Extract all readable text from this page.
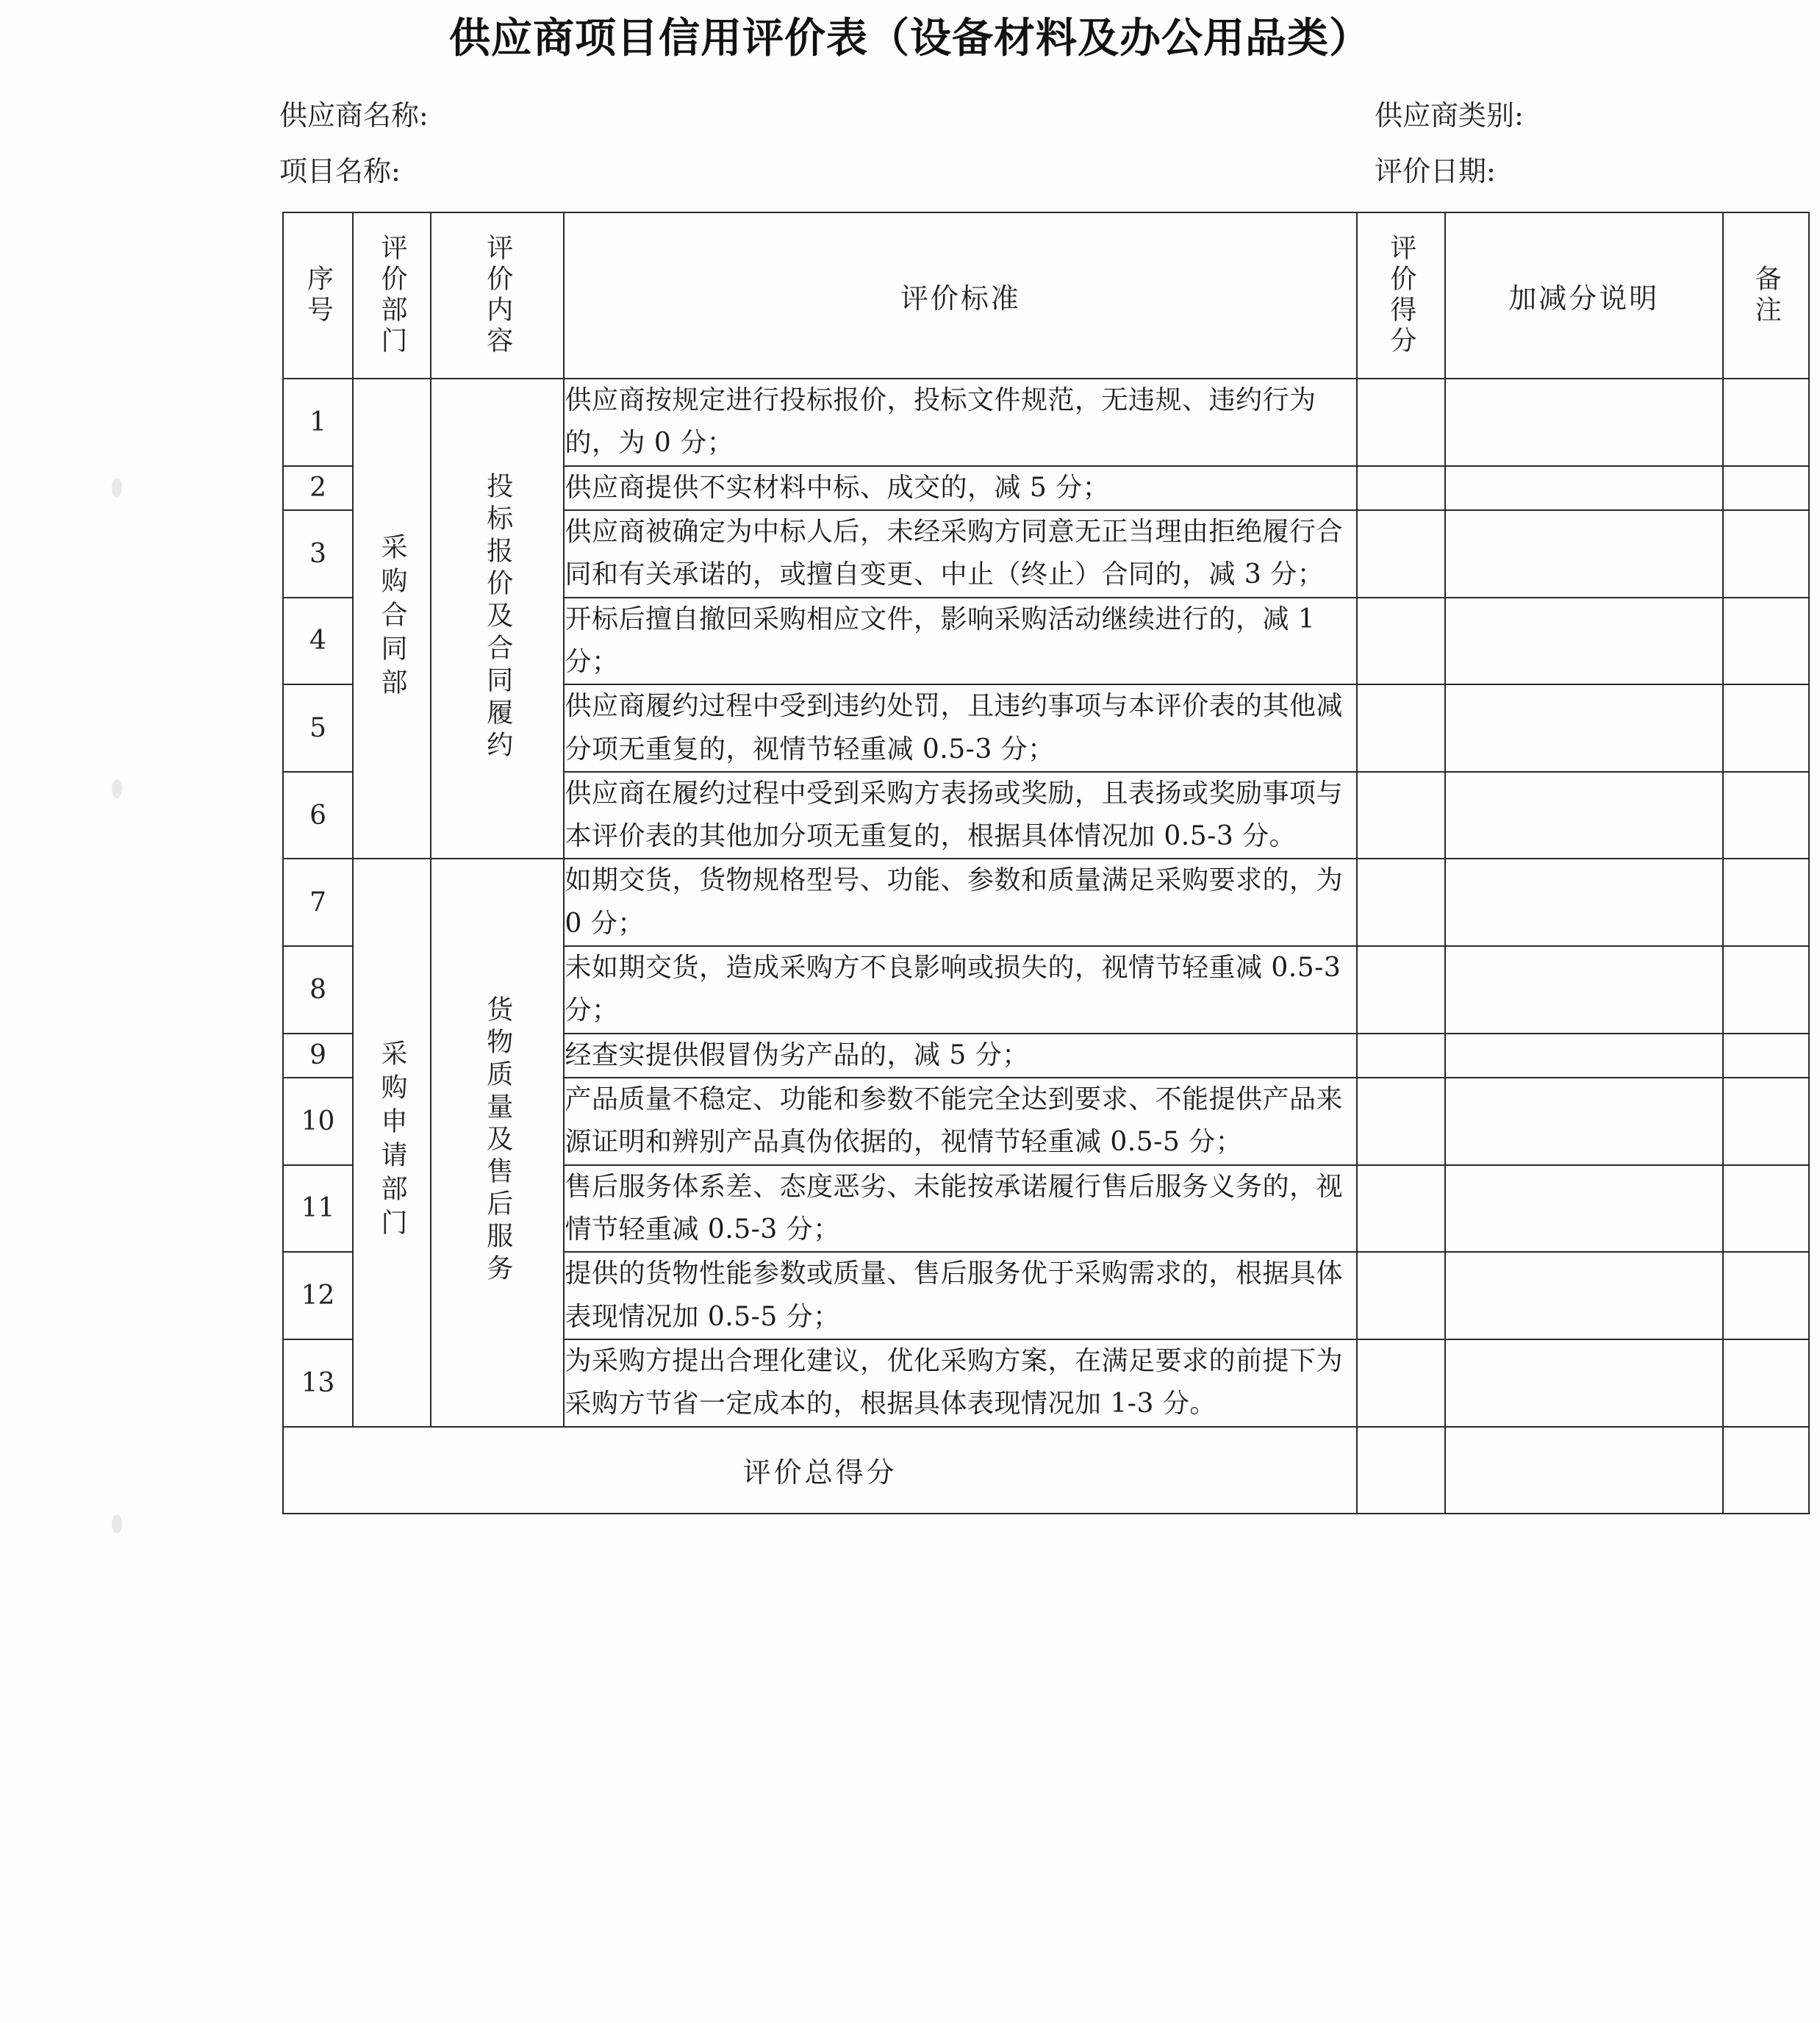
供应商项目信用评价表（设备材料及办公用品类）
供应商名称:	供应商类别:
项目名称:	评价日期:
序号	评价部门	评价内容	评价标准	评价得分	加减分说明	备注

1	采购合同部	投标报价及合同履约	供应商按规定进行投标报价，投标文件规范，无违规、违约行为的，为 0 分；			
2			供应商提供不实材料中标、成交的，减 5 分；			
3			供应商被确定为中标人后，未经采购方同意无正当理由拒绝履行合同和有关承诺的，或擅自变更、中止（终止）合同的，减 3 分；			
4			开标后擅自撤回采购相应文件，影响采购活动继续进行的，减 1 分；			
5			供应商履约过程中受到违约处罚，且违约事项与本评价表的其他减分项无重复的，视情节轻重减 0.5-3 分；			
6			供应商在履约过程中受到采购方表扬或奖励，且表扬或奖励事项与本评价表的其他加分项无重复的，根据具体情况加 0.5-3 分。			
7	采购申请部门	货物质量及售后服务	如期交货，货物规格型号、功能、参数和质量满足采购要求的，为 0 分；			
8			未如期交货，造成采购方不良影响或损失的，视情节轻重减 0.5-3 分；			
9			经查实提供假冒伪劣产品的，减 5 分；			
10			产品质量不稳定、功能和参数不能完全达到要求、不能提供产品来源证明和辨别产品真伪依据的，视情节轻重减 0.5-5 分；			
11			售后服务体系差、态度恶劣、未能按承诺履行售后服务义务的，视情节轻重减 0.5-3 分；			
12			提供的货物性能参数或质量、售后服务优于采购需求的，根据具体表现情况加 0.5-5 分；			
13			为采购方提出合理化建议，优化采购方案，在满足要求的前提下为采购方节省一定成本的，根据具体表现情况加 1-3 分。			
评价总得分						
